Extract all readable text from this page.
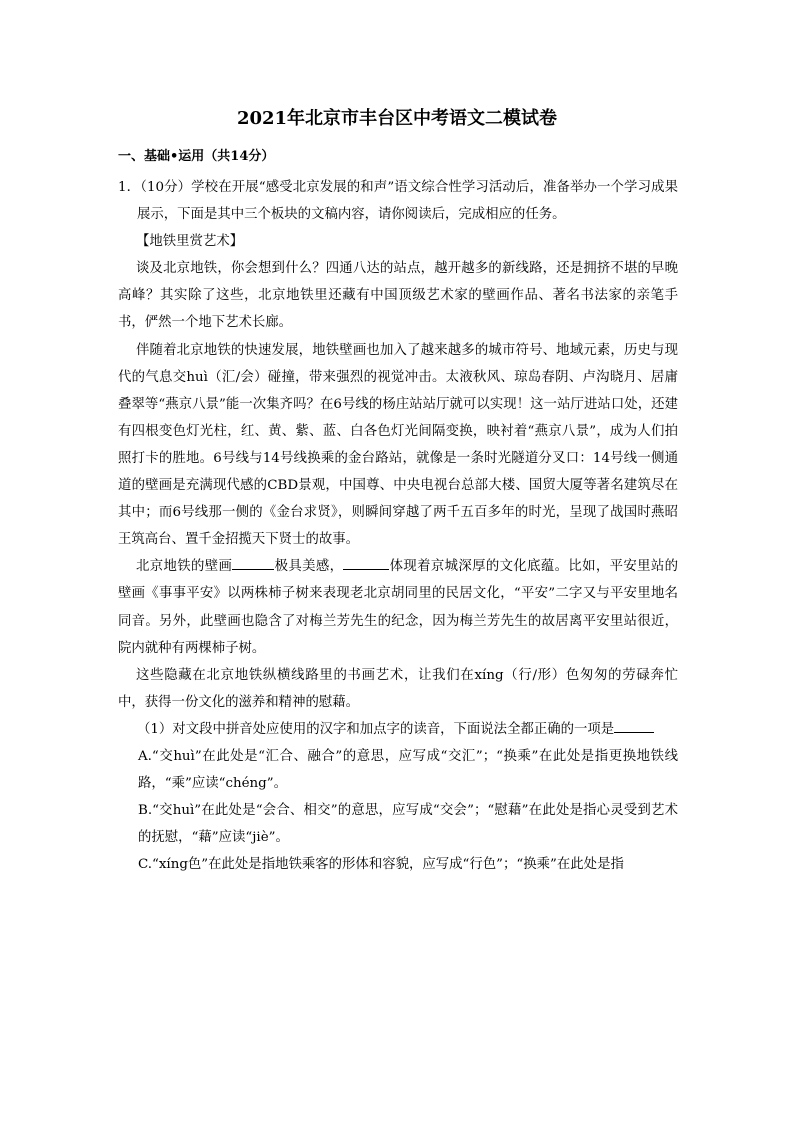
2021年北京市丰台区中考语文二模试卷
一、基础•运用（共14分）

1．（10分）学校在开展“感受北京发展的和声”语文综合性学习活动后，准备举办一个学习成果展示，下面是其中三个板块的文稿内容，请你阅读后，完成相应的任务。

【地铁里赏艺术】

谈及北京地铁，你会想到什么？四通八达的站点，越开越多的新线路，还是拥挤不堪的早晚高峰？其实除了这些，北京地铁里还藏有中国顶级艺术家的壁画作品、著名书法家的亲笔手书，俨然一个地下艺术长廊。

伴随着北京地铁的快速发展，地铁壁画也加入了越来越多的城市符号、地域元素，历史与现代的气息交huì（汇/会）碰撞，带来强烈的视觉冲击。太液秋风、琼岛春阴、卢沟晓月、居庸叠翠等“燕京八景”能一次集齐吗？在6号线的杨庄站站厅就可以实现！这一站厅进站口处，还建有四根变色灯光柱，红、黄、紫、蓝、白各色灯光间隔变换，映衬着“燕京八景”，成为人们拍照打卡的胜地。6号线与14号线换乘的金台路站，就像是一条时光隧道分叉口：14号线一侧通道的壁画是充满现代感的CBD景观，中国尊、中央电视台总部大楼、国贸大厦等著名建筑尽在其中；而6号线那一侧的《金台求贤》，则瞬间穿越了两千五百多年的时光，呈现了战国时燕昭王筑高台、置千金招揽天下贤士的故事。

北京地铁的壁画	极具美感，	体现着京城深厚的文化底蕴。比如，平安里站的壁画《事事平安》以两株柿子树来表现老北京胡同里的民居文化，“平安”二字又与平安里地名同音。另外，此壁画也隐含了对梅兰芳先生的纪念，因为梅兰芳先生的故居离平安里站很近，院内就种有两棵柿子树。

这些隐藏在北京地铁纵横线路里的书画艺术，让我们在xíng（行/形）色匆匆的劳碌奔忙中，获得一份文化的滋养和精神的慰藉。

（1）对文段中拼音处应使用的汉字和加点字的读音，下面说法全都正确的一项是

A.“交huì”在此处是“汇合、融合”的意思，应写成“交汇”；“换乘”在此处是指更换地铁线路，“乘”应读“chéng”。

B.“交huì”在此处是“会合、相交”的意思，应写成“交会”；“慰藉”在此处是指心灵受到艺术的抚慰，“藉”应读“jiè”。

C.“xíng色”在此处是指地铁乘客的形体和容貌，应写成“行色”；“换乘”在此处是指
